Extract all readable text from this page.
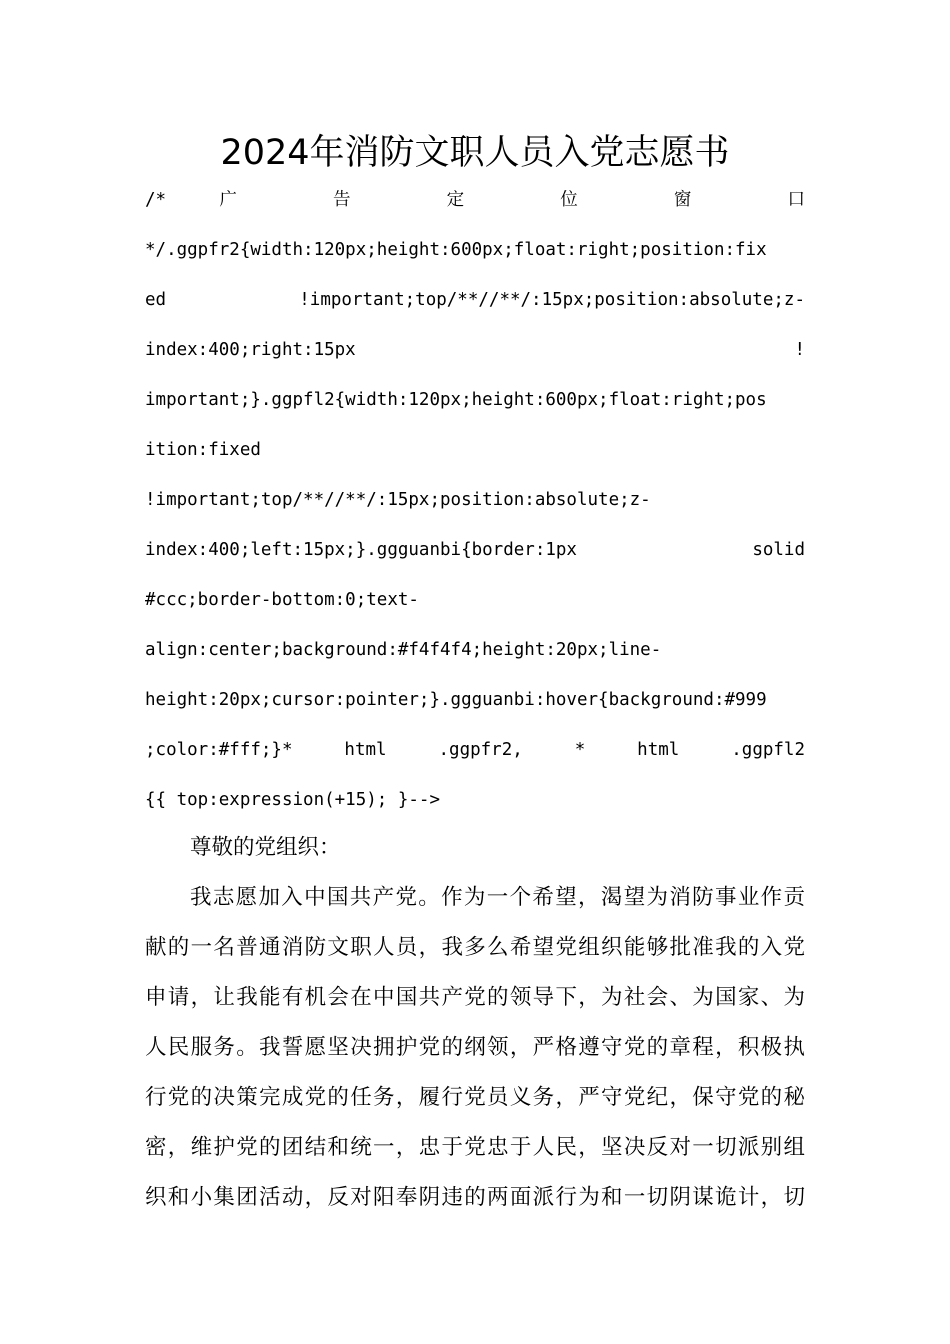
2024年消防文职人员入党志愿书
/* 广 告 定 位 窗 口
*/.ggpfr2{width:120px;height:600px;float:right;position:fix
ed !important;top/**//**/:15px;position:absolute;z-
index:400;right:15px !
important;}.ggpfl2{width:120px;height:600px;float:right;pos
ition:fixed
!important;top/**//**/:15px;position:absolute;z-
index:400;left:15px;}.ggguanbi{border:1px solid
#ccc;border-bottom:0;text-
align:center;background:#f4f4f4;height:20px;line-
height:20px;cursor:pointer;}.ggguanbi:hover{background:#999
;color:#fff;}* html .ggpfr2, * html .ggpfl2
{{ top:expression(+15); }-->
尊敬的党组织：
我志愿加入中国共产党。作为一个希望，渴望为消防事业作贡
献的一名普通消防文职人员，我多么希望党组织能够批准我的入党
申请，让我能有机会在中国共产党的领导下，为社会、为国家、为
人民服务。我誓愿坚决拥护党的纲领，严格遵守党的章程，积极执
行党的决策完成党的任务，履行党员义务，严守党纪，保守党的秘
密，维护党的团结和统一，忠于党忠于人民，坚决反对一切派别组
织和小集团活动，反对阳奉阴违的两面派行为和一切阴谋诡计，切
